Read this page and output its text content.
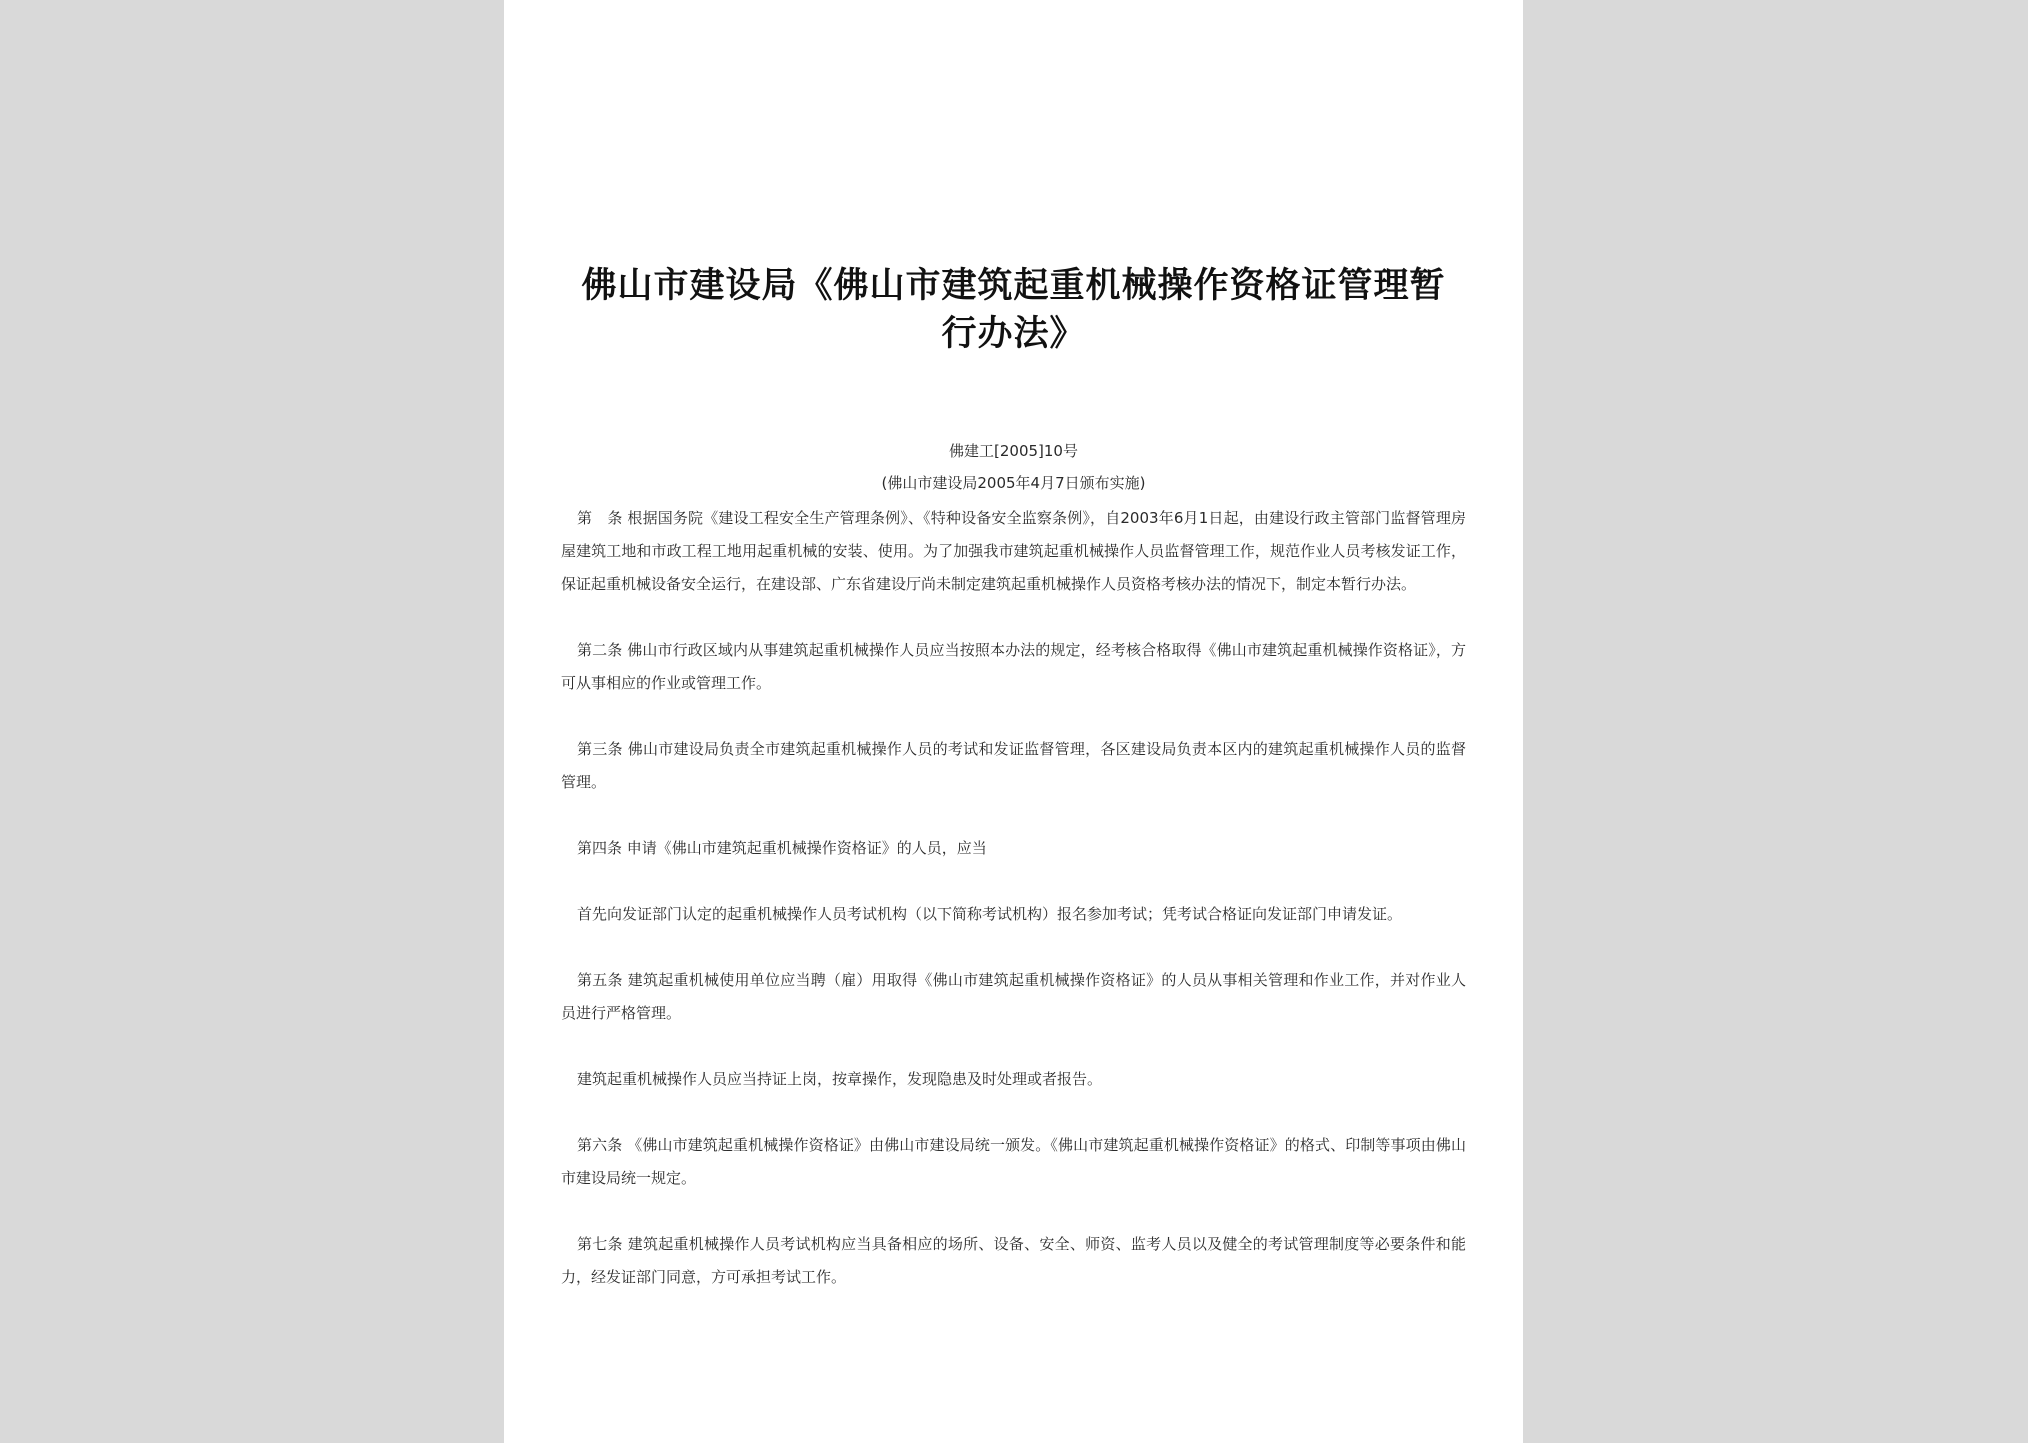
佛山市建设局《佛山市建筑起重机械操作资格证管理暂行办法》
佛建工[2005]10号
(佛山市建设局2005年4月7日颁布实施)

第　条 根据国务院《建设工程安全生产管理条例》、《特种设备安全监察条例》，自2003年6月1日起，由建设行政主管部门监督管理房屋建筑工地和市政工程工地用起重机械的安装、使用。为了加强我市建筑起重机械操作人员监督管理工作，规范作业人员考核发证工作，保证起重机械设备安全运行，在建设部、广东省建设厅尚未制定建筑起重机械操作人员资格考核办法的情况下，制定本暂行办法。

第二条 佛山市行政区域内从事建筑起重机械操作人员应当按照本办法的规定，经考核合格取得《佛山市建筑起重机械操作资格证》，方可从事相应的作业或管理工作。

第三条 佛山市建设局负责全市建筑起重机械操作人员的考试和发证监督管理，各区建设局负责本区内的建筑起重机械操作人员的监督管理。

第四条 申请《佛山市建筑起重机械操作资格证》的人员，应当

首先向发证部门认定的起重机械操作人员考试机构（以下简称考试机构）报名参加考试；凭考试合格证向发证部门申请发证。

第五条 建筑起重机械使用单位应当聘（雇）用取得《佛山市建筑起重机械操作资格证》的人员从事相关管理和作业工作，并对作业人员进行严格管理。

建筑起重机械操作人员应当持证上岗，按章操作，发现隐患及时处理或者报告。

第六条 《佛山市建筑起重机械操作资格证》由佛山市建设局统一颁发。《佛山市建筑起重机械操作资格证》的格式、印制等事项由佛山市建设局统一规定。

第七条 建筑起重机械操作人员考试机构应当具备相应的场所、设备、安全、师资、监考人员以及健全的考试管理制度等必要条件和能力，经发证部门同意，方可承担考试工作。
